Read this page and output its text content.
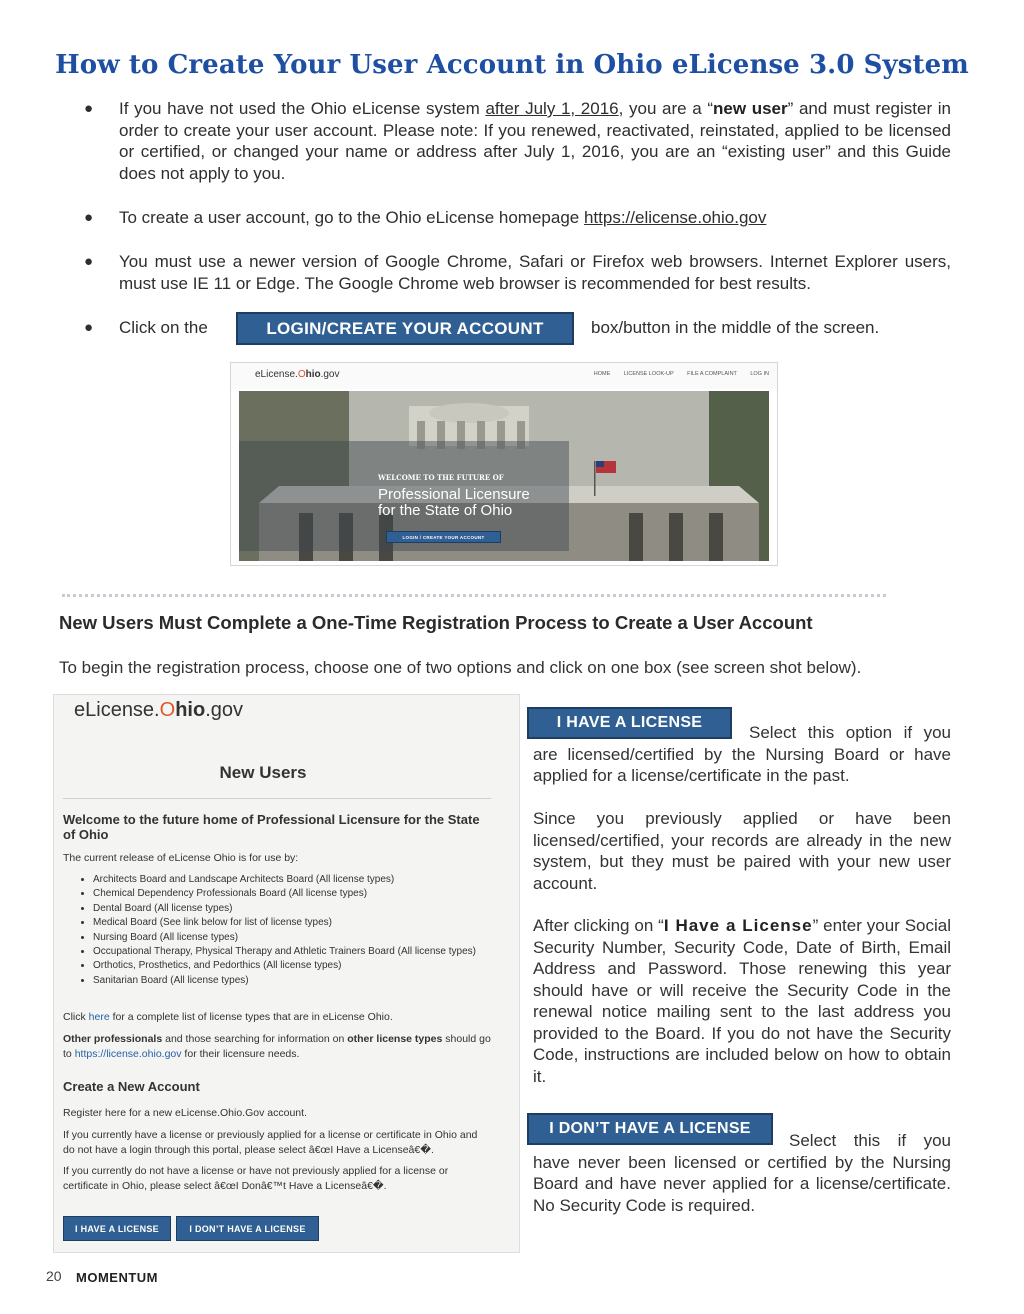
How to Create Your User Account in Ohio eLicense 3.0 System
● If you have not used the Ohio eLicense system after July 1, 2016, you are a “new user” and must register in order to create your user account. Please note: If you renewed, reactivated, reinstated, applied to be licensed or certified, or changed your name or address after July 1, 2016, you are an “existing user” and this Guide does not apply to you.
● To create a user account, go to the Ohio eLicense homepage https://elicense.ohio.gov
● You must use a newer version of Google Chrome, Safari or Firefox web browsers. Internet Explorer users, must use IE 11 or Edge. The Google Chrome web browser is recommended for best results.
● Click on the	box/button in the middle of the screen.
LOGIN/CREATE YOUR ACCOUNT
eLicense.Ohio.gov	HOME LICENSE LOOK-UP FILE A COMPLAINT LOG IN
WELCOME TO THE FUTURE OF
Professional Licensure
for the State of Ohio
LOGIN / CREATE YOUR ACCOUNT
New Users Must Complete a One-Time Registration Process to Create a User Account
To begin the registration process, choose one of two options and click on one box (see screen shot below).
eLicense.Ohio.gov
New Users
Welcome to the future home of Professional Licensure for the State of Ohio
The current release of eLicense Ohio is for use by:
• Architects Board and Landscape Architects Board (All license types)
• Chemical Dependency Professionals Board (All license types)
• Dental Board (All license types)
• Medical Board (See link below for list of license types)
• Nursing Board (All license types)
• Occupational Therapy, Physical Therapy and Athletic Trainers Board (All license types)
• Orthotics, Prosthetics, and Pedorthics (All license types)
• Sanitarian Board (All license types)
Click here for a complete list of license types that are in eLicense Ohio.
Other professionals and those searching for information on other license types should go to https://license.ohio.gov for their licensure needs.
Create a New Account
Register here for a new eLicense.Ohio.Gov account.
If you currently have a license or previously applied for a license or certificate in Ohio and do not have a login through this portal, please select â€œI Have a Licenseâ€�.
If you currently do not have a license or have not previously applied for a license or certificate in Ohio, please select â€œI Donâ€™t Have a Licenseâ€�.
I HAVE A LICENSE	I DON’T HAVE A LICENSE
I HAVE A LICENSE
Select this option if you are licensed/certified by the Nursing Board or have applied for a license/certificate in the past.
Since you previously applied or have been licensed/certified, your records are already in the new system, but they must be paired with your new user account.
After clicking on “I Have a License” enter your Social Security Number, Security Code, Date of Birth, Email Address and Password. Those renewing this year should have or will receive the Security Code in the renewal notice mailing sent to the last address you provided to the Board. If you do not have the Security Code, instructions are included below on how to obtain it.
I DON’T HAVE A LICENSE
Select this if you have never been licensed or certified by the Nursing Board and have never applied for a license/certificate. No Security Code is required.
20 MOMENTUM
